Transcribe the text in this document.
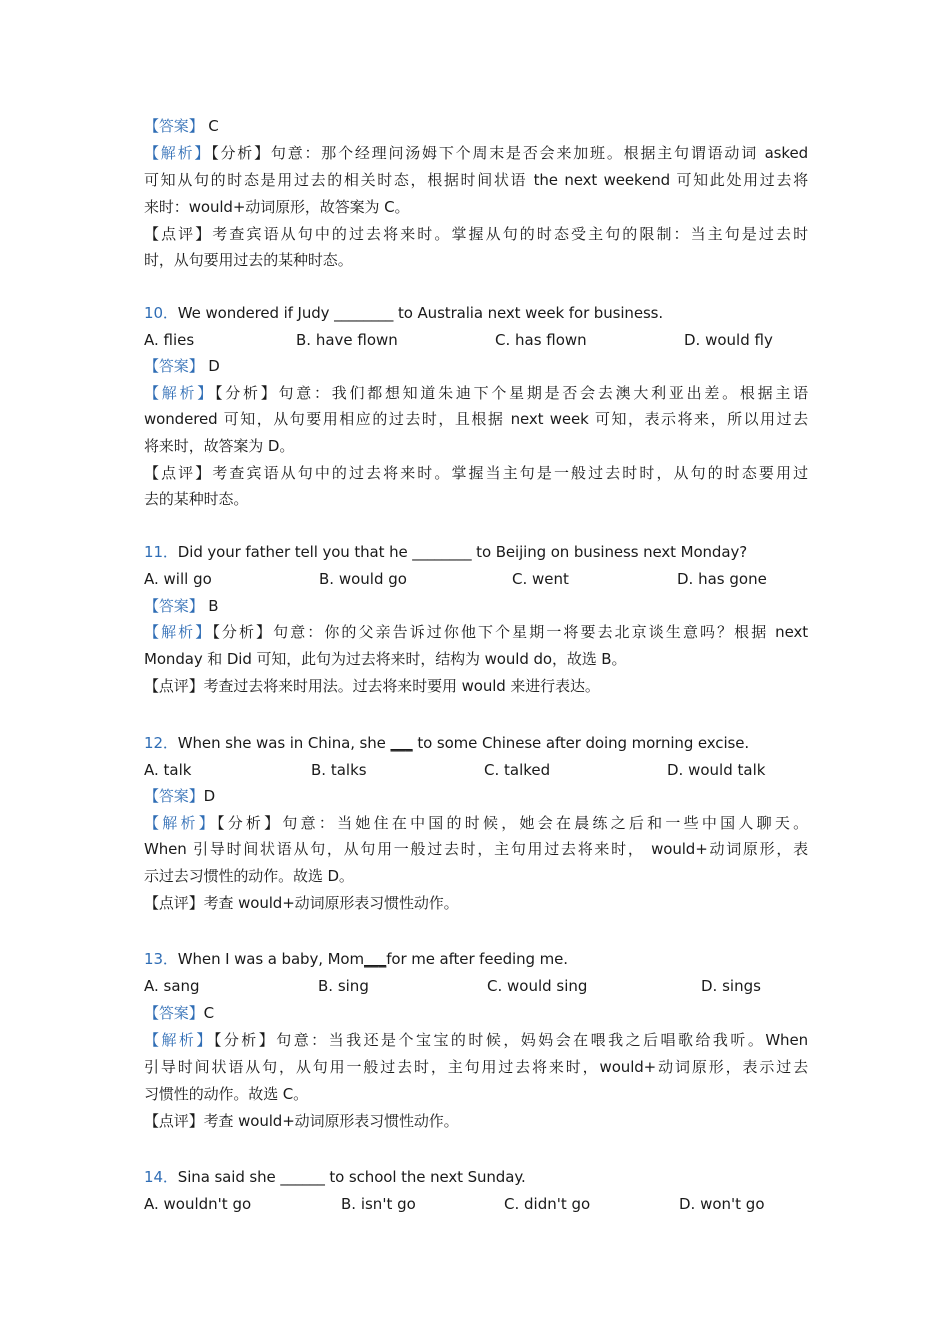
【答案】 C
【解析】【分析】句意：那个经理问汤姆下个周末是否会来加班。根据主句谓语动词 asked
可知从句的时态是用过去的相关时态，根据时间状语 the next weekend 可知此处用过去将
来时：would+动词原形，故答案为 C。
【点评】考查宾语从句中的过去将来时。掌握从句的时态受主句的限制：当主句是过去时
时，从句要用过去的某种时态。
10．We wondered if Judy ________ to Australia next week for business.
A. flies	B. have flown	C. has flown	D. would fly
【答案】 D
【解析】【分析】句意：我们都想知道朱迪下个星期是否会去澳大利亚出差。根据主语
wondered 可知，从句要用相应的过去时，且根据 next week 可知，表示将来，所以用过去
将来时，故答案为 D。
【点评】考查宾语从句中的过去将来时。掌握当主句是一般过去时时，从句的时态要用过
去的某种时态。
11．Did your father tell you that he ________ to Beijing on business next Monday?
A. will go	B. would go	C. went	D. has gone
【答案】 B
【解析】【分析】句意：你的父亲告诉过你他下个星期一将要去北京谈生意吗？根据 next
Monday 和 Did 可知，此句为过去将来时，结构为 would do，故选 B。
【点评】考查过去将来时用法。过去将来时要用 would 来进行表达。
12．When she was in China, she ___ to some Chinese after doing morning excise.
A. talk	B. talks	C. talked	D. would talk
【答案】D
【解析】【分析】句意：当她住在中国的时候，她会在晨练之后和一些中国人聊天。
When 引导时间状语从句，从句用一般过去时，主句用过去将来时， would+动词原形，表
示过去习惯性的动作。故选 D。
【点评】考查 would+动词原形表习惯性动作。
13．When I was a baby, Mom___for me after feeding me.
A. sang	B. sing	C. would sing	D. sings
【答案】C
【解析】【分析】句意：当我还是个宝宝的时候，妈妈会在喂我之后唱歌给我听。When
引导时间状语从句，从句用一般过去时，主句用过去将来时，would+动词原形，表示过去
习惯性的动作。故选 C。
【点评】考查 would+动词原形表习惯性动作。
14．Sina said she ______ to school the next Sunday.
A. wouldn't go	B. isn't go	C. didn't go	D. won't go
